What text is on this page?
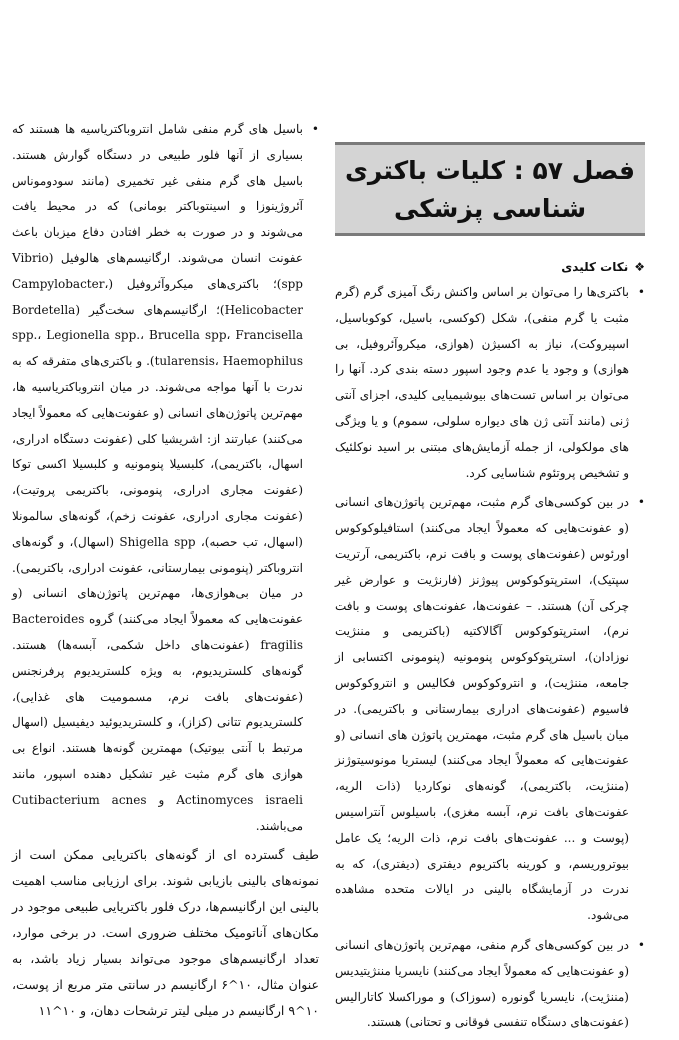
• باسیل های گرم منفی شامل انتروباکتریاسیه ها هستند که بسیاری از آنها فلور طبیعی در دستگاه گوارش هستند. باسیل های گرم منفی غیر تخمیری (مانند سودوموناس آئروژینوزا و اسینتوباکتر بومانی) که در محیط یافت می‌شوند و در صورت به خطر افتادن دفاع میزبان باعث عفونت انسان می‌شوند. ارگانیسم‌های هالوفیل (Vibrio spp)؛ باکتری‌های میکروآئروفیل (Campylobacter، Helicobacter)؛ ارگانیسم‌های سخت‌گیر (Bordetella spp.، Legionella spp.، Brucella spp، Francisella tularensis، Haemophilus). و باکتری‌های متفرقه که به ندرت با آنها مواجه می‌شوند. در میان انتروباکتریاسیه ها، مهم‌ترین پاتوژن‌های انسانی (و عفونت‌هایی که معمولاً ایجاد می‌کنند) عبارتند از: اشریشیا کلی (عفونت دستگاه ادراری، اسهال، باکتریمی)، کلبسیلا پنومونیه و کلبسیلا اکسی توکا (عفونت مجاری ادراری، پنومونی، باکتریمی پروتیت)، (عفونت مجاری ادراری، عفونت زخم)، گونه‌های سالمونلا (اسهال، تب حصبه)، Shigella spp (اسهال)، و گونه‌های انتروباکتر (پنومونی بیمارستانی، عفونت ادراری، باکتریمی). در میان بی‌هوازی‌ها، مهم‌ترین پاتوژن‌های انسانی (و عفونت‌هایی که معمولاً ایجاد می‌کنند) گروه Bacteroides fragilis (عفونت‌های داخل شکمی، آبسه‌ها) هستند. گونه‌های کلستریدیوم، به ویژه کلستریدیوم پرفرنجنس (عفونت‌های بافت نرم، مسمومیت های غذایی)، کلستریدیوم تتانی (کزاز)، و کلستریدیوئید دیفیسیل (اسهال مرتبط با آنتی بیوتیک) مهمترین گونه‌ها هستند. انواع بی هوازی های گرم مثبت غیر تشکیل دهنده اسپور، مانند Actinomyces israeli و Cutibacterium acnes می‌باشند.
طیف گسترده ای از گونه‌های باکتریایی ممکن است از نمونه‌های بالینی بازیابی شوند. برای ارزیابی مناسب اهمیت بالینی این ارگانیسم‌ها، درک فلور باکتریایی طبیعی موجود در مکان‌های آناتومیک مختلف ضروری است. در برخی موارد، تعداد ارگانیسم‌های موجود می‌تواند بسیار زیاد باشد، به عنوان مثال، ۱۰^۶ ارگانیسم در سانتی متر مربع از پوست، ۱۰^۹ ارگانیسم در میلی لیتر ترشحات دهان، و ۱۰^۱۱
فصل ۵۷ : کلیات باکتری
شناسی پزشکی
❖نکات کلیدی
• باکتری‌ها را می‌توان بر اساس واکنش رنگ آمیزی گرم (گرم مثبت یا گرم منفی)، شکل (کوکسی، باسیل، کوکوباسیل، اسپیروکت)، نیاز به اکسیژن (هوازی، میکروآئروفیل، بی هوازی) و وجود یا عدم وجود اسپور دسته بندی کرد. آنها را می‌توان بر اساس تست‌های بیوشیمیایی کلیدی، اجزای آنتی ژنی (مانند آنتی ژن های دیواره سلولی، سموم) و یا ویژگی های مولکولی، از جمله آزمایش‌های مبتنی بر اسید نوکلئیک و تشخیص پروتئوم شناسایی کرد.
• در بین کوکسی‌های گرم مثبت، مهم‌ترین پاتوژن‌های انسانی (و عفونت‌هایی که معمولاً ایجاد می‌کنند) استافیلوکوکوس اورئوس (عفونت‌های پوست و بافت نرم، باکتریمی، آرتریت سپتیک)، استرپتوکوکوس پیوژنز (فارنژیت و عوارض غیر چرکی آن) هستند. – عفونت‌ها، عفونت‌های پوست و بافت نرم)، استرپتوکوکوس آگالاکتیه (باکتریمی و مننژیت نوزادان)، استرپتوکوکوس پنومونیه (پنومونی اکتسابی از جامعه، مننژیت)، و انتروکوکوس فکالیس و انتروکوکوس فاسیوم (عفونت‌های ادراری بیمارستانی و باکتریمی). در میان باسیل های گرم مثبت، مهمترین پاتوژن های انسانی (و عفونت‌هایی که معمولاً ایجاد می‌کنند) لیستریا مونوسیتوژنز (مننژیت، باکتریمی)، گونه‌های نوکاردیا (ذات الریه، عفونت‌های بافت نرم، آبسه مغزی)، باسیلوس آنتراسیس (پوست و ... عفونت‌های بافت نرم، ذات الریه؛ یک عامل بیوتروریسم، و کورینه باکتریوم دیفتری (دیفتری)، که به ندرت در آزمایشگاه بالینی در ایالات متحده مشاهده می‌شود.
• در بین کوکسی‌های گرم منفی، مهم‌ترین پاتوژن‌های انسانی (و عفونت‌هایی که معمولاً ایجاد می‌کنند) نایسریا مننژیتیدیس (مننژیت)، نایسریا گونوره (سوزاک) و موراکسلا کاتارالیس (عفونت‌های دستگاه تنفسی فوقانی و تحتانی) هستند.
